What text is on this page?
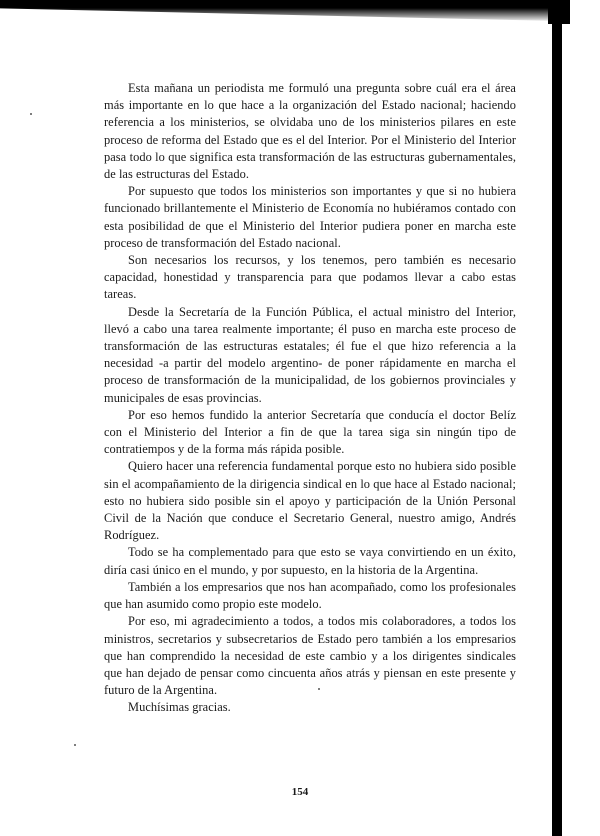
Esta mañana un periodista me formuló una pregunta sobre cuál era el área más importante en lo que hace a la organización del Estado nacional; haciendo referencia a los ministerios, se olvidaba uno de los ministerios pilares en este proceso de reforma del Estado que es el del Interior. Por el Ministerio del Interior pasa todo lo que significa esta transformación de las estructuras gubernamentales, de las estructuras del Estado.

Por supuesto que todos los ministerios son importantes y que si no hubiera funcionado brillantemente el Ministerio de Economía no hubiéramos contado con esta posibilidad de que el Ministerio del Interior pudiera poner en marcha este proceso de transformación del Estado nacional.

Son necesarios los recursos, y los tenemos, pero también es necesario capacidad, honestidad y transparencia para que podamos llevar a cabo estas tareas.

Desde la Secretaría de la Función Pública, el actual ministro del Interior, llevó a cabo una tarea realmente importante; él puso en marcha este proceso de transformación de las estructuras estatales; él fue el que hizo referencia a la necesidad -a partir del modelo argentino- de poner rápidamente en marcha el proceso de transformación de la municipalidad, de los gobiernos provinciales y municipales de esas provincias.

Por eso hemos fundido la anterior Secretaría que conducía el doctor Belíz con el Ministerio del Interior a fin de que la tarea siga sin ningún tipo de contratiempos y de la forma más rápida posible.

Quiero hacer una referencia fundamental porque esto no hubiera sido posible sin el acompañamiento de la dirigencia sindical en lo que hace al Estado nacional; esto no hubiera sido posible sin el apoyo y participación de la Unión Personal Civil de la Nación que conduce el Secretario General, nuestro amigo, Andrés Rodríguez.

Todo se ha complementado para que esto se vaya convirtiendo en un éxito, diría casi único en el mundo, y por supuesto, en la historia de la Argentina.

También a los empresarios que nos han acompañado, como los profesionales que han asumido como propio este modelo.

Por eso, mi agradecimiento a todos, a todos mis colaboradores, a todos los ministros, secretarios y subsecretarios de Estado pero también a los empresarios que han comprendido la necesidad de este cambio y a los dirigentes sindicales que han dejado de pensar como cincuenta años atrás y piensan en este presente y futuro de la Argentina.

Muchísimas gracias.

154
